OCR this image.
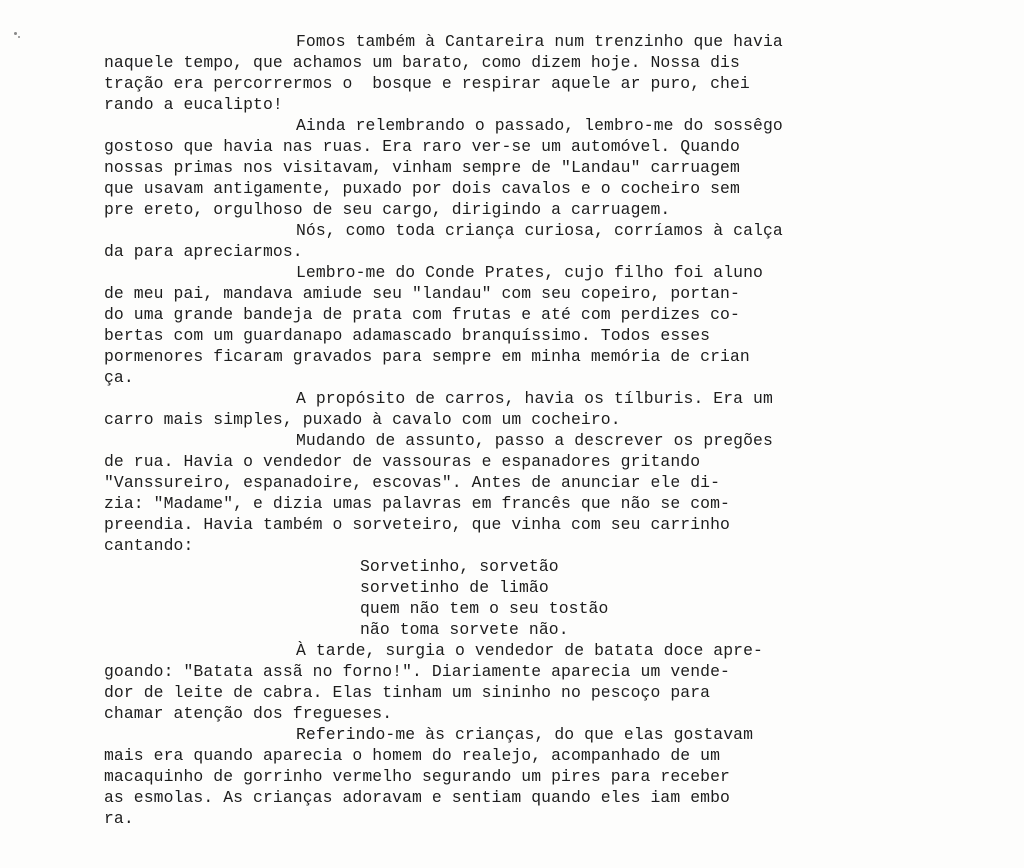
Fomos também à Cantareira num trenzinho que havia
naquele tempo, que achamos um barato, como dizem hoje. Nossa dis
tração era percorrermos o  bosque e respirar aquele ar puro, chei
rando a eucalipto!
Ainda relembrando o passado, lembro-me do sossêgo
gostoso que havia nas ruas. Era raro ver-se um automóvel. Quando
nossas primas nos visitavam, vinham sempre de "Landau" carruagem
que usavam antigamente, puxado por dois cavalos e o cocheiro sem
pre ereto, orgulhoso de seu cargo, dirigindo a carruagem.
Nós, como toda criança curiosa, corríamos à calça
da para apreciarmos.
Lembro-me do Conde Prates, cujo filho foi aluno
de meu pai, mandava amiude seu "landau" com seu copeiro, portan-
do uma grande bandeja de prata com frutas e até com perdizes co-
bertas com um guardanapo adamascado branquíssimo. Todos esses
pormenores ficaram gravados para sempre em minha memória de crian
ça.
A propósito de carros, havia os tílburis. Era um
carro mais simples, puxado à cavalo com um cocheiro.
Mudando de assunto, passo a descrever os pregões
de rua. Havia o vendedor de vassouras e espanadores gritando
"Vanssureiro, espanadoire, escovas". Antes de anunciar ele di-
zia: "Madame", e dizia umas palavras em francês que não se com-
preendia. Havia também o sorveteiro, que vinha com seu carrinho
cantando:
Sorvetinho, sorvetão
sorvetinho de limão
quem não tem o seu tostão
não toma sorvete não.
À tarde, surgia o vendedor de batata doce apre-
goando: "Batata assã no forno!". Diariamente aparecia um vende-
dor de leite de cabra. Elas tinham um sininho no pescoço para
chamar atenção dos fregueses.
Referindo-me às crianças, do que elas gostavam
mais era quando aparecia o homem do realejo, acompanhado de um
macaquinho de gorrinho vermelho segurando um pires para receber
as esmolas. As crianças adoravam e sentiam quando eles iam embo
ra.
